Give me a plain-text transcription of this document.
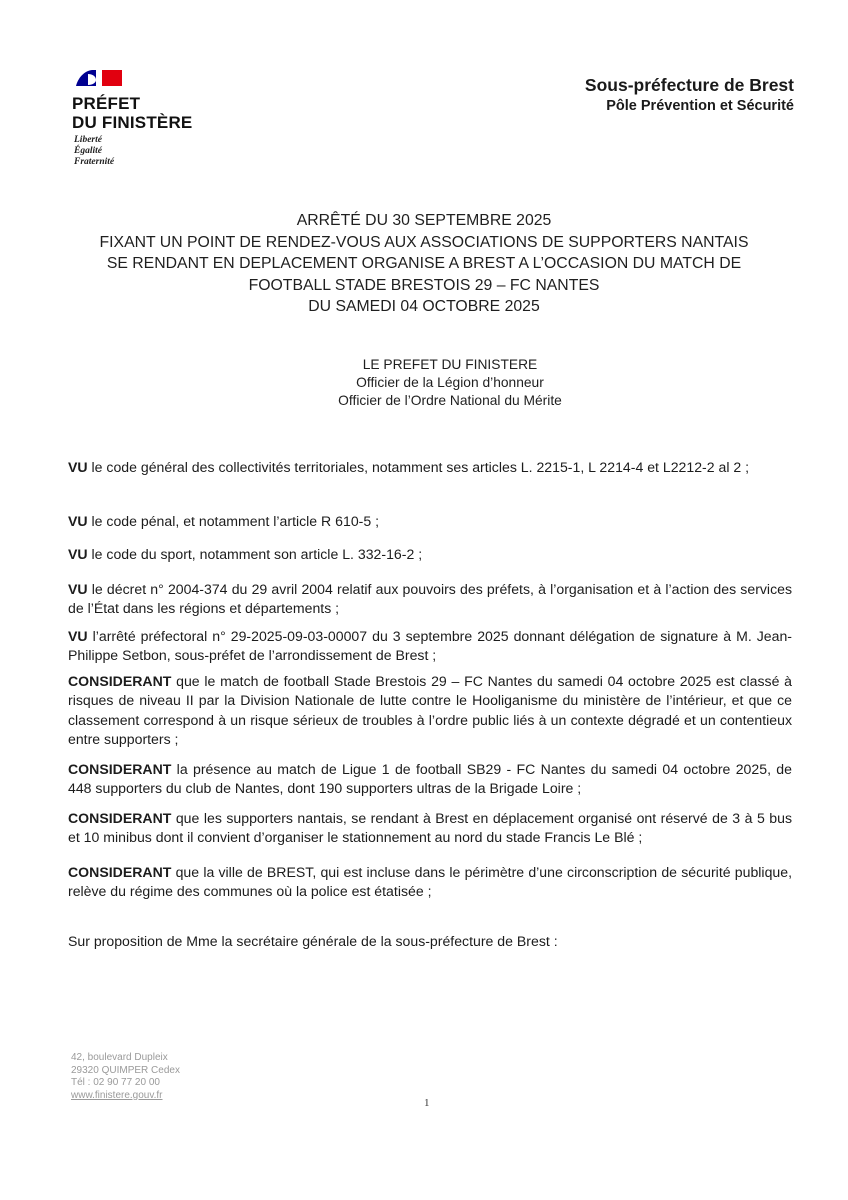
PRÉFET
DU FINISTÈRE
Liberté
Égalité
Fraternité
Sous-préfecture de Brest
Pôle Prévention et Sécurité
ARRÊTÉ DU 30 SEPTEMBRE 2025
FIXANT UN POINT DE RENDEZ-VOUS AUX ASSOCIATIONS DE SUPPORTERS NANTAIS
SE RENDANT EN DEPLACEMENT ORGANISE A BREST A L’OCCASION DU MATCH DE
FOOTBALL STADE BRESTOIS 29 – FC NANTES
DU SAMEDI 04 OCTOBRE 2025
LE PREFET DU FINISTERE
Officier de la Légion d’honneur
Officier de l’Ordre National du Mérite
VU le code général des collectivités territoriales, notamment ses articles L. 2215-1, L 2214-4 et L2212-2 al 2 ;
VU le code pénal, et notamment l’article R 610-5 ;
VU le code du sport, notamment son article L. 332-16-2 ;
VU le décret n° 2004-374 du 29 avril 2004 relatif aux pouvoirs des préfets, à l’organisation et à l’action des services de l’État dans les régions et départements ;
VU l’arrêté préfectoral n° 29-2025-09-03-00007 du 3 septembre 2025 donnant délégation de signature à M. Jean-Philippe Setbon, sous-préfet de l’arrondissement de Brest ;
CONSIDERANT que le match de football Stade Brestois 29 – FC Nantes du samedi 04 octobre 2025 est classé à risques de niveau II par la Division Nationale de lutte contre le Hooliganisme du ministère de l’intérieur, et que ce classement correspond à un risque sérieux de troubles à l’ordre public liés à un contexte dégradé et un contentieux entre supporters ;
CONSIDERANT la présence au match de Ligue 1 de football SB29 - FC Nantes du samedi 04 octobre 2025, de 448 supporters du club de Nantes, dont 190 supporters ultras de la Brigade Loire ;
CONSIDERANT que les supporters nantais, se rendant à Brest en déplacement organisé ont réservé de 3 à 5 bus et 10 minibus dont il convient d’organiser le stationnement au nord du stade Francis Le Blé ;
CONSIDERANT que la ville de BREST, qui est incluse dans le périmètre d’une circonscription de sécurité publique, relève du régime des communes où la police est étatisée ;
Sur proposition de Mme la secrétaire générale de la sous-préfecture de Brest :
42, boulevard Dupleix
29320 QUIMPER Cedex
Tél : 02 90 77 20 00
www.finistere.gouv.fr
1
